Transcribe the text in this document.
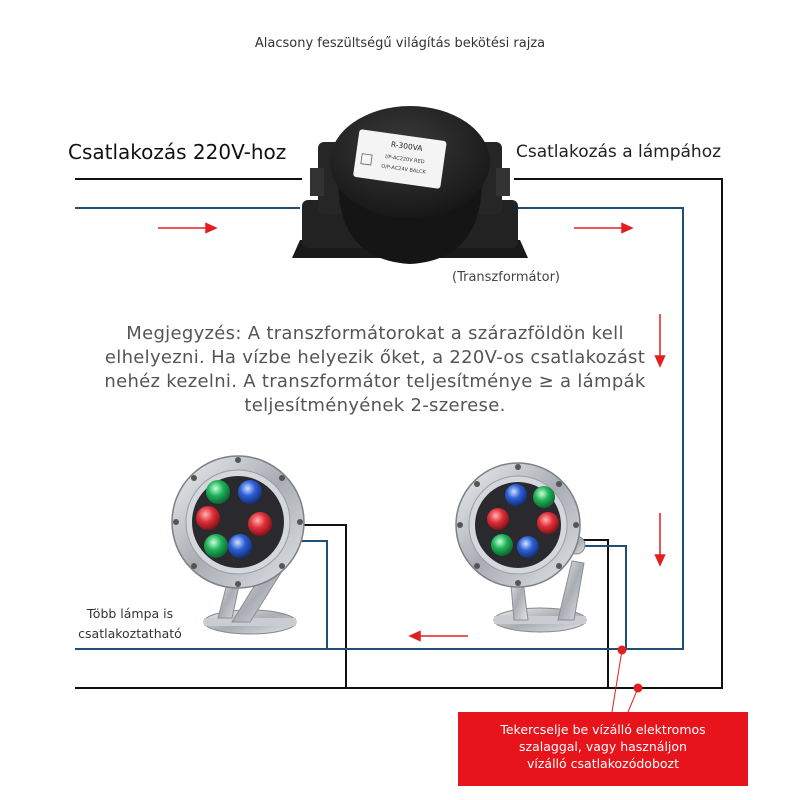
Alacsony feszültségű világítás bekötési rajza
Csatlakozás 220V-hoz	Csatlakozás a lámpához
(Transzformátor)
R-300VA
I/P-AC220V RED
O/P-AC24V BALCK
Megjegyzés: A transzformátorokat a szárazföldön kell
elhelyezni. Ha vízbe helyezik őket, a 220V-os csatlakozást
nehéz kezelni. A transzformátor teljesítménye ≥ a lámpák
teljesítményének 2-szerese.
Több lámpa is
csatlakoztatható
Tekercselje be vízálló elektromos
szalaggal, vagy használjon
vízálló csatlakozódobozt
